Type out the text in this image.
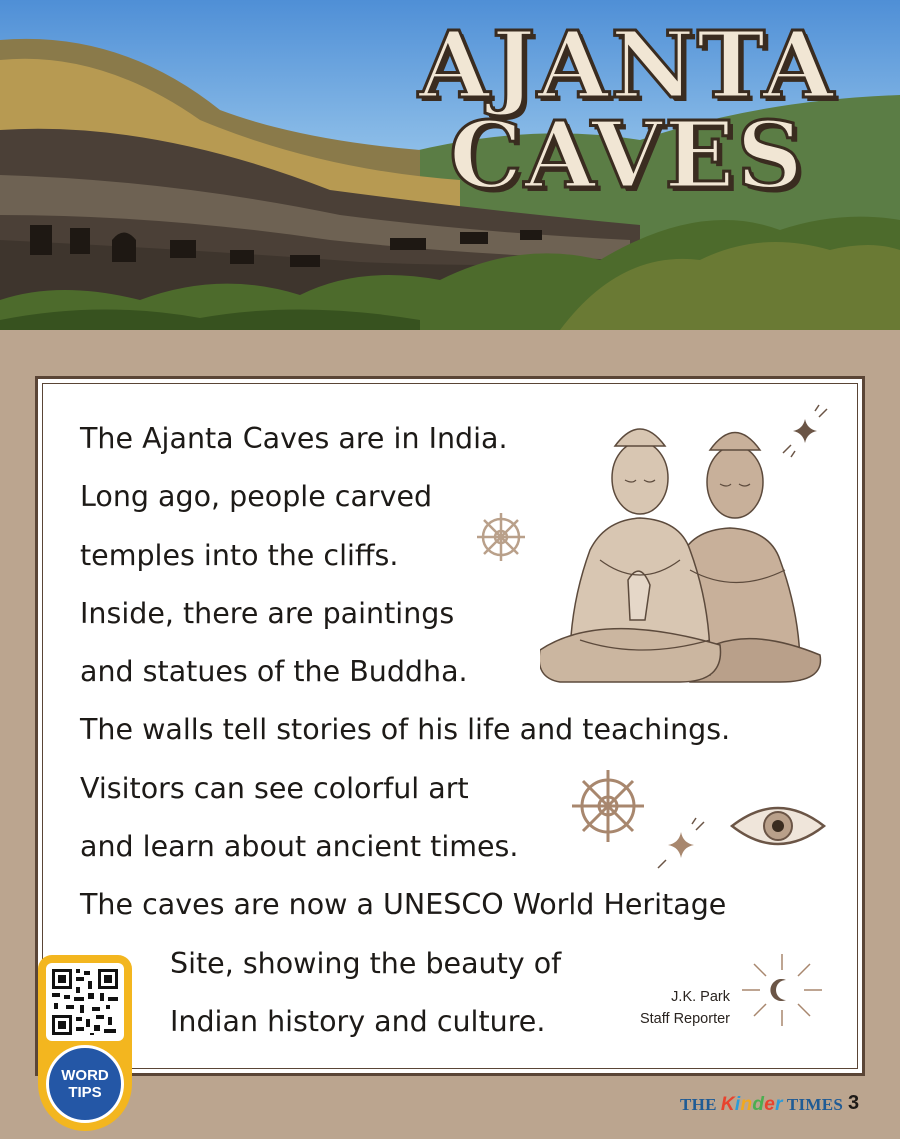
AJANTA
CAVES
The Ajanta Caves are in India.
Long ago, people carved
temples into the cliffs.
Inside, there are paintings
and statues of the Buddha.
The walls tell stories of his life and teachings.
Visitors can see colorful art
and learn about ancient times.
The caves are now a UNESCO World Heritage
Site, showing the beauty of
Indian history and culture.
J.K. Park
Staff Reporter
WORD
TIPS
THE K i n d e r TIMES 3
